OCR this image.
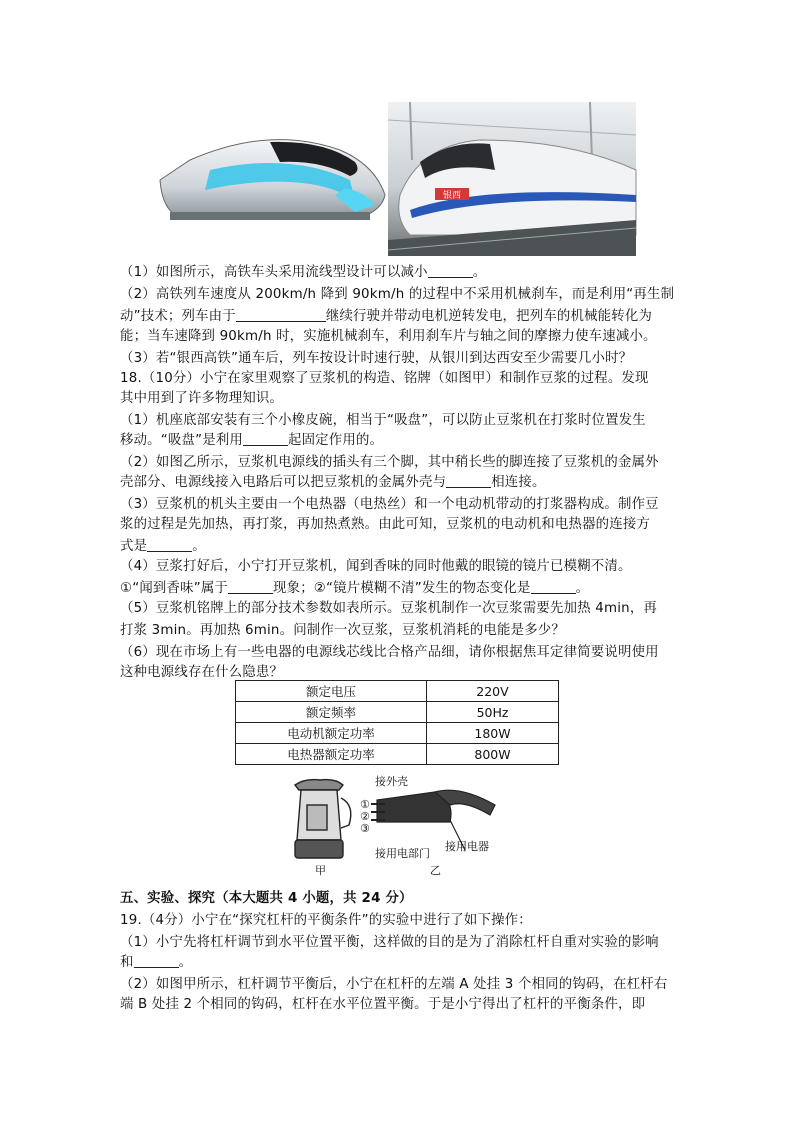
银西
（1）如图所示，高铁车头采用流线型设计可以减小	。
（2）高铁列车速度从 200km/h 降到 90km/h 的过程中不采用机械刹车，而是利用“再生制
动”技术；列车由于	继续行驶并带动电机逆转发电，把列车的机械能转化为
能；当车速降到 90km/h 时，实施机械刹车，利用刹车片与轴之间的摩擦力使车速减小。
（3）若“银西高铁”通车后，列车按设计时速行驶，从银川到达西安至少需要几小时？
18.（10分）小宁在家里观察了豆浆机的构造、铭牌（如图甲）和制作豆浆的过程。发现
其中用到了许多物理知识。
（1）机座底部安装有三个小橡皮碗，相当于“吸盘”，可以防止豆浆机在打浆时位置发生
移动。“吸盘”是利用	起固定作用的。
（2）如图乙所示，豆浆机电源线的插头有三个脚，其中稍长些的脚连接了豆浆机的金属外
壳部分、电源线接入电路后可以把豆浆机的金属外壳与	相连接。
（3）豆浆机的机头主要由一个电热器（电热丝）和一个电动机带动的打浆器构成。制作豆
浆的过程是先加热，再打浆，再加热煮熟。由此可知，豆浆机的电动机和电热器的连接方
式是	。
（4）豆浆打好后，小宁打开豆浆机，闻到香味的同时他戴的眼镜的镜片已模糊不清。
①“闻到香味”属于	现象；②“镜片模糊不清”发生的物态变化是	。
（5）豆浆机铭牌上的部分技术参数如表所示。豆浆机制作一次豆浆需要先加热 4min，再
打浆 3min。再加热 6min。问制作一次豆浆，豆浆机消耗的电能是多少？
（6）现在市场上有一些电器的电源线芯线比合格产品细，请你根据焦耳定律简要说明使用
这种电源线存在什么隐患？
额定电压	220V
额定频率	50Hz
电动机额定功率	180W
电热器额定功率	800W
接外壳
①
②
③
接用电部门
接用电器
甲	乙
五、实验、探究（本大题共 4 小题，共 24 分）
19.（4分）小宁在“探究杠杆的平衡条件”的实验中进行了如下操作：
（1）小宁先将杠杆调节到水平位置平衡，这样做的目的是为了消除杠杆自重对实验的影响
和	。
（2）如图甲所示，杠杆调节平衡后，小宁在杠杆的左端 A 处挂 3 个相同的钩码，在杠杆右
端 B 处挂 2 个相同的钩码，杠杆在水平位置平衡。于是小宁得出了杠杆的平衡条件，即
